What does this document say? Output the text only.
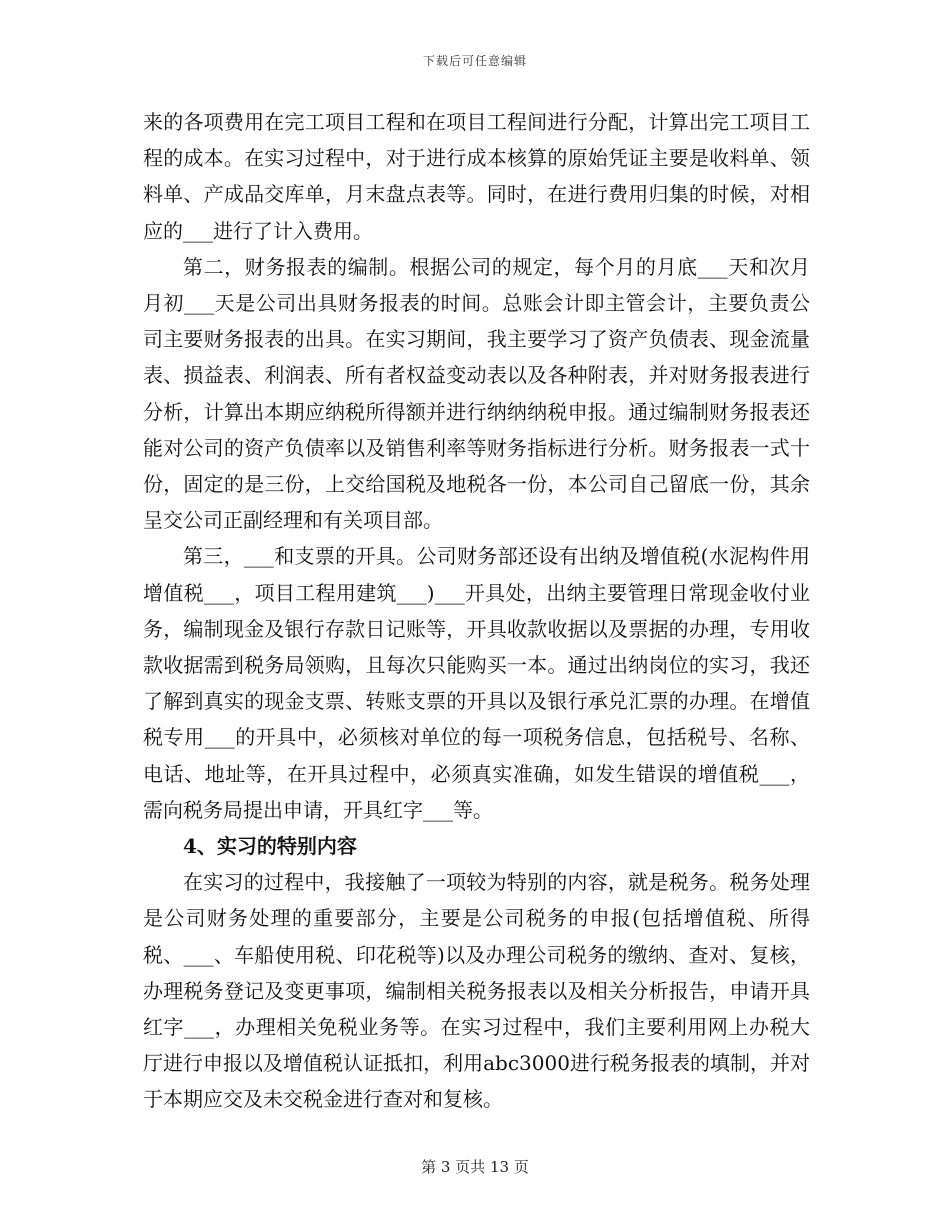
下载后可任意编辑

来的各项费用在完工项目工程和在项目工程间进行分配，计算出完工项目工程的成本。在实习过程中，对于进行成本核算的原始凭证主要是收料单、领料单、产成品交库单，月末盘点表等。同时，在进行费用归集的时候，对相应的___进行了计入费用。

第二，财务报表的编制。根据公司的规定，每个月的月底___天和次月月初___天是公司出具财务报表的时间。总账会计即主管会计，主要负责公司主要财务报表的出具。在实习期间，我主要学习了资产负债表、现金流量表、损益表、利润表、所有者权益变动表以及各种附表，并对财务报表进行分析，计算出本期应纳税所得额并进行纳纳纳税申报。通过编制财务报表还能对公司的资产负债率以及销售利率等财务指标进行分析。财务报表一式十份，固定的是三份，上交给国税及地税各一份，本公司自己留底一份，其余呈交公司正副经理和有关项目部。

第三，___和支票的开具。公司财务部还设有出纳及增值税(水泥构件用增值税___，项目工程用建筑___)___开具处，出纳主要管理日常现金收付业务，编制现金及银行存款日记账等，开具收款收据以及票据的办理，专用收款收据需到税务局领购，且每次只能购买一本。通过出纳岗位的实习，我还了解到真实的现金支票、转账支票的开具以及银行承兑汇票的办理。在增值税专用___的开具中，必须核对单位的每一项税务信息，包括税号、名称、电话、地址等，在开具过程中，必须真实准确，如发生错误的增值税___，需向税务局提出申请，开具红字___等。

4、实习的特别内容

在实习的过程中，我接触了一项较为特别的内容，就是税务。税务处理是公司财务处理的重要部分，主要是公司税务的申报(包括增值税、所得税、___、车船使用税、印花税等)以及办理公司税务的缴纳、查对、复核，办理税务登记及变更事项，编制相关税务报表以及相关分析报告，申请开具红字___，办理相关免税业务等。在实习过程中，我们主要利用网上办税大厅进行申报以及增值税认证抵扣，利用abc3000进行税务报表的填制，并对于本期应交及未交税金进行查对和复核。

第 3 页共 13 页
